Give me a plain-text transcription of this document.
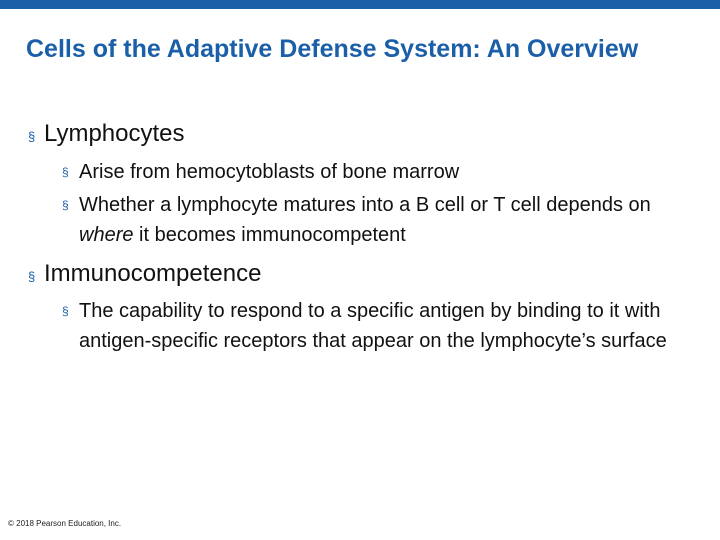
Cells of the Adaptive Defense System: An Overview
§ Lymphocytes
§ Arise from hemocytoblasts of bone marrow
§ Whether a lymphocyte matures into a B cell or T cell depends on where it becomes immunocompetent
§ Immunocompetence
§ The capability to respond to a specific antigen by binding to it with antigen-specific receptors that appear on the lymphocyte’s surface
© 2018 Pearson Education, Inc.
